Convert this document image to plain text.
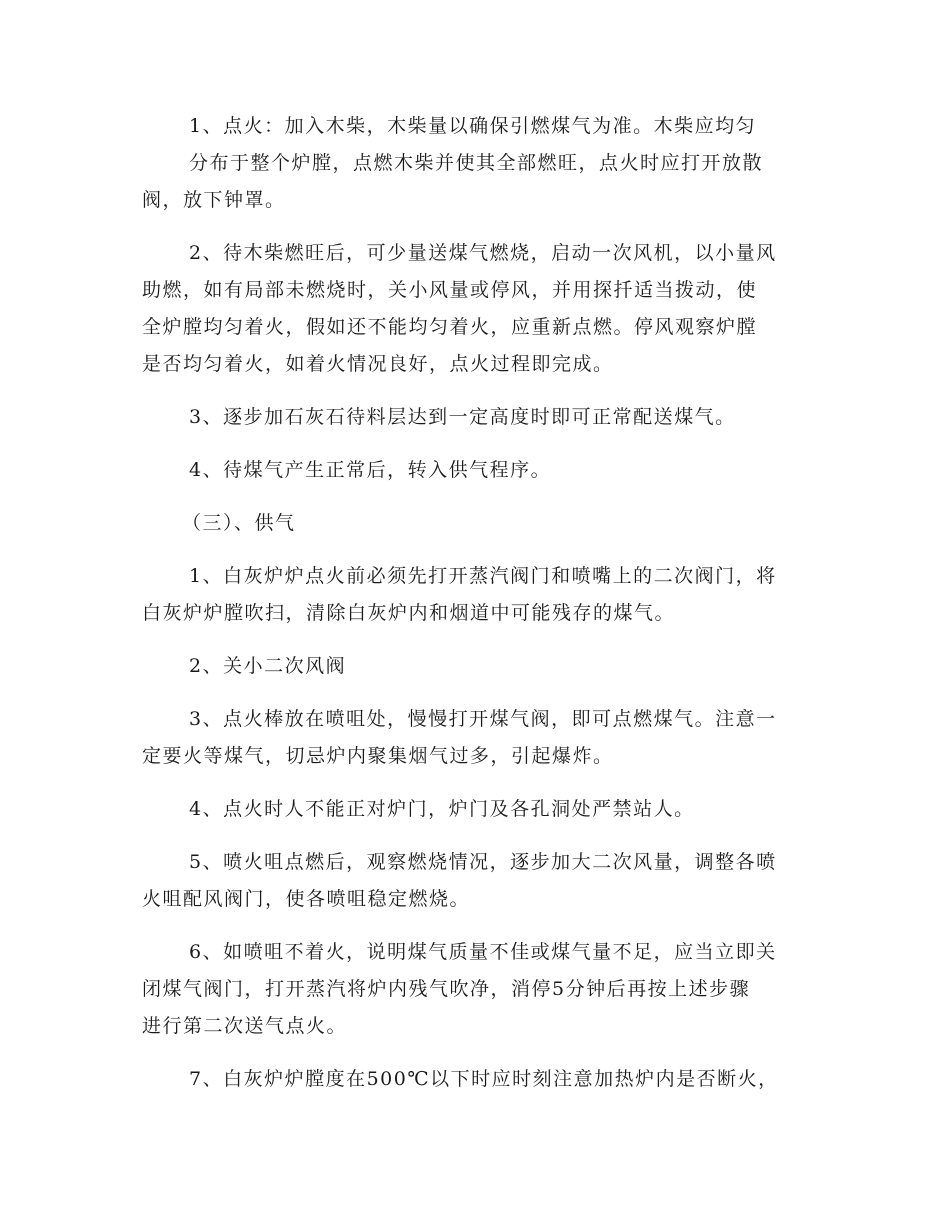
1、点火：加入木柴，木柴量以确保引燃煤气为准。木柴应均匀
分布于整个炉膛，点燃木柴并使其全部燃旺，点火时应打开放散
阀，放下钟罩。

2、待木柴燃旺后，可少量送煤气燃烧，启动一次风机，以小量风
助燃，如有局部未燃烧时，关小风量或停风，并用探扦适当拨动，使
全炉膛均匀着火，假如还不能均匀着火，应重新点燃。停风观察炉膛
是否均匀着火，如着火情况良好，点火过程即完成。

3、逐步加石灰石待料层达到一定高度时即可正常配送煤气。

4、待煤气产生正常后，转入供气程序。

（三）、供气

1、白灰炉炉点火前必须先打开蒸汽阀门和喷嘴上的二次阀门，将
白灰炉炉膛吹扫，清除白灰炉内和烟道中可能残存的煤气。

2、关小二次风阀

3、点火棒放在喷咀处，慢慢打开煤气阀，即可点燃煤气。注意一
定要火等煤气，切忌炉内聚集烟气过多，引起爆炸。

4、点火时人不能正对炉门，炉门及各孔洞处严禁站人。

5、喷火咀点燃后，观察燃烧情况，逐步加大二次风量，调整各喷
火咀配风阀门，使各喷咀稳定燃烧。

6、如喷咀不着火，说明煤气质量不佳或煤气量不足，应当立即关
闭煤气阀门，打开蒸汽将炉内残气吹净，消停5分钟后再按上述步骤
进行第二次送气点火。

7、白灰炉炉膛度在500℃以下时应时刻注意加热炉内是否断火，
